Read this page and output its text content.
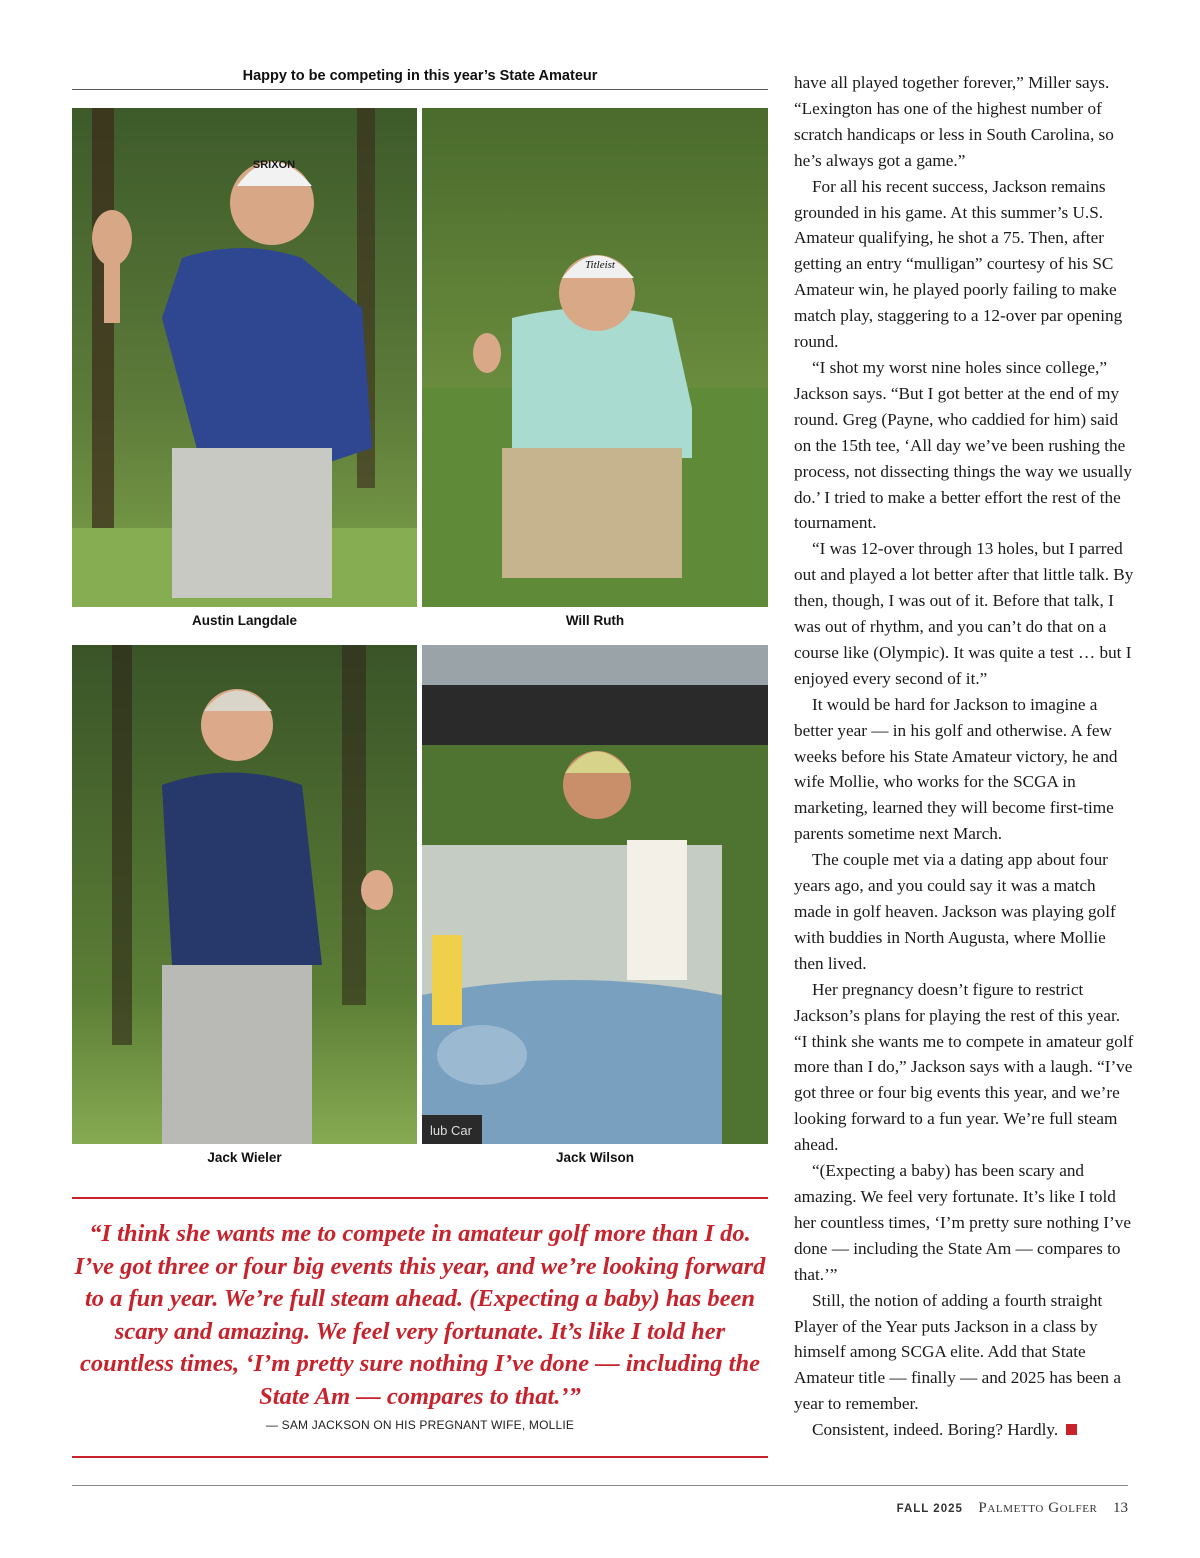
Happy to be competing in this year’s State Amateur
SRIXON
Titleist
Austin Langdale	Will Ruth
lub Car
Jack Wieler	Jack Wilson
“I think she wants me to compete in amateur golf more than I do. I’ve got three or four big events this year, and we’re looking forward to a fun year. We’re full steam ahead. (Expecting a baby) has been scary and amazing. We feel very fortunate. It’s like I told her countless times, ‘I’m pretty sure nothing I’ve done — including the State Am — compares to that.’”
— SAM JACKSON ON HIS PREGNANT WIFE, MOLLIE

have all played together forever,” Miller says. “Lexington has one of the highest number of scratch handicaps or less in South Carolina, so he’s always got a game.”

For all his recent success, Jackson remains grounded in his game. At this summer’s U.S. Amateur qualifying, he shot a 75. Then, after getting an entry “mulligan” courtesy of his SC Amateur win, he played poorly failing to make match play, staggering to a 12-over par opening round.

“I shot my worst nine holes since college,” Jackson says. “But I got better at the end of my round. Greg (Payne, who caddied for him) said on the 15th tee, ‘All day we’ve been rushing the process, not dissecting things the way we usually do.’ I tried to make a better effort the rest of the tournament.

“I was 12-over through 13 holes, but I parred out and played a lot better after that little talk. By then, though, I was out of it. Before that talk, I was out of rhythm, and you can’t do that on a course like (Olympic). It was quite a test … but I enjoyed every second of it.”

It would be hard for Jackson to imagine a better year — in his golf and otherwise. A few weeks before his State Amateur victory, he and wife Mollie, who works for the SCGA in marketing, learned they will become first-time parents sometime next March.

The couple met via a dating app about four years ago, and you could say it was a match made in golf heaven. Jackson was playing golf with buddies in North Augusta, where Mollie then lived.

Her pregnancy doesn’t figure to restrict Jackson’s plans for playing the rest of this year. “I think she wants me to compete in amateur golf more than I do,” Jackson says with a laugh. “I’ve got three or four big events this year, and we’re looking forward to a fun year. We’re full steam ahead.

“(Expecting a baby) has been scary and amazing. We feel very fortunate. It’s like I told her countless times, ‘I’m pretty sure nothing I’ve done — including the State Am — compares to that.’”

Still, the notion of adding a fourth straight Player of the Year puts Jackson in a class by himself among SCGA elite. Add that State Amateur title — finally — and 2025 has been a year to remember.

Consistent, indeed. Boring? Hardly.

FALL 2025 Palmetto Golfer 13
